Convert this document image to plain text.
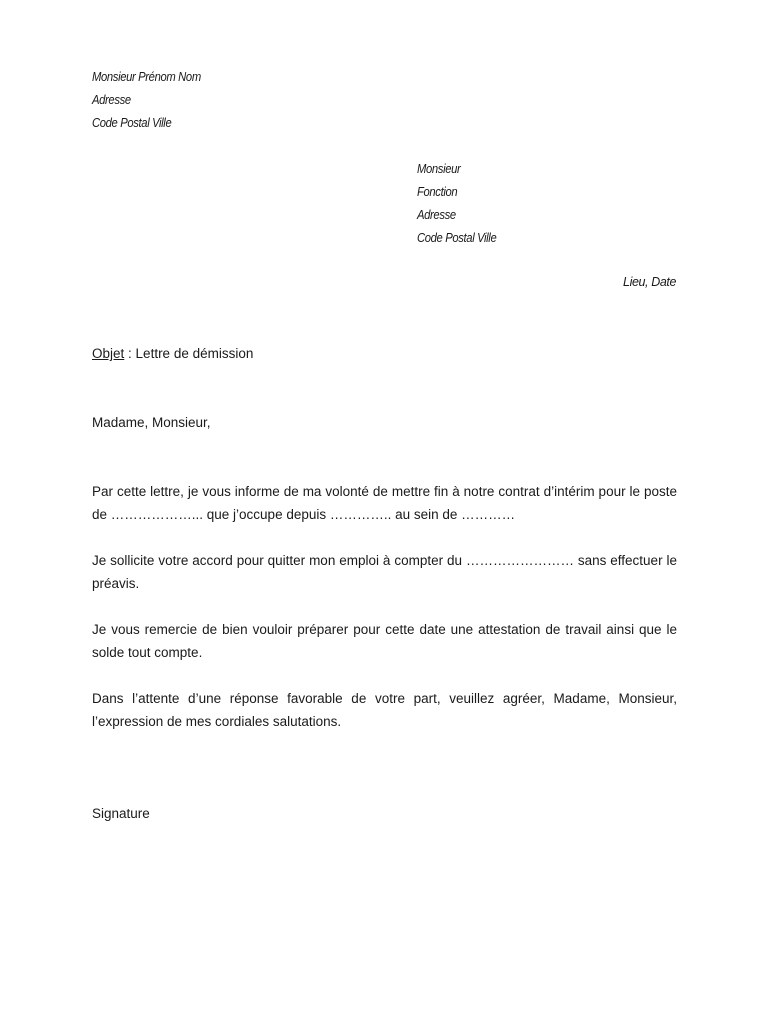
Monsieur Prénom Nom
Adresse
Code Postal Ville
Monsieur
Fonction
Adresse
Code Postal Ville
Lieu, Date
Objet : Lettre de démission
Madame, Monsieur,
Par cette lettre, je vous informe de ma volonté de mettre fin à notre contrat d’intérim pour le poste de ………………... que j’occupe depuis ………….. au sein de …………
Je sollicite votre accord pour quitter mon emploi à compter du …………………… sans effectuer le préavis.
Je vous remercie de bien vouloir préparer pour cette date une attestation de travail ainsi que le solde tout compte.
Dans l’attente d’une réponse favorable de votre part, veuillez agréer, Madame, Monsieur, l’expression de mes cordiales salutations.
Signature
